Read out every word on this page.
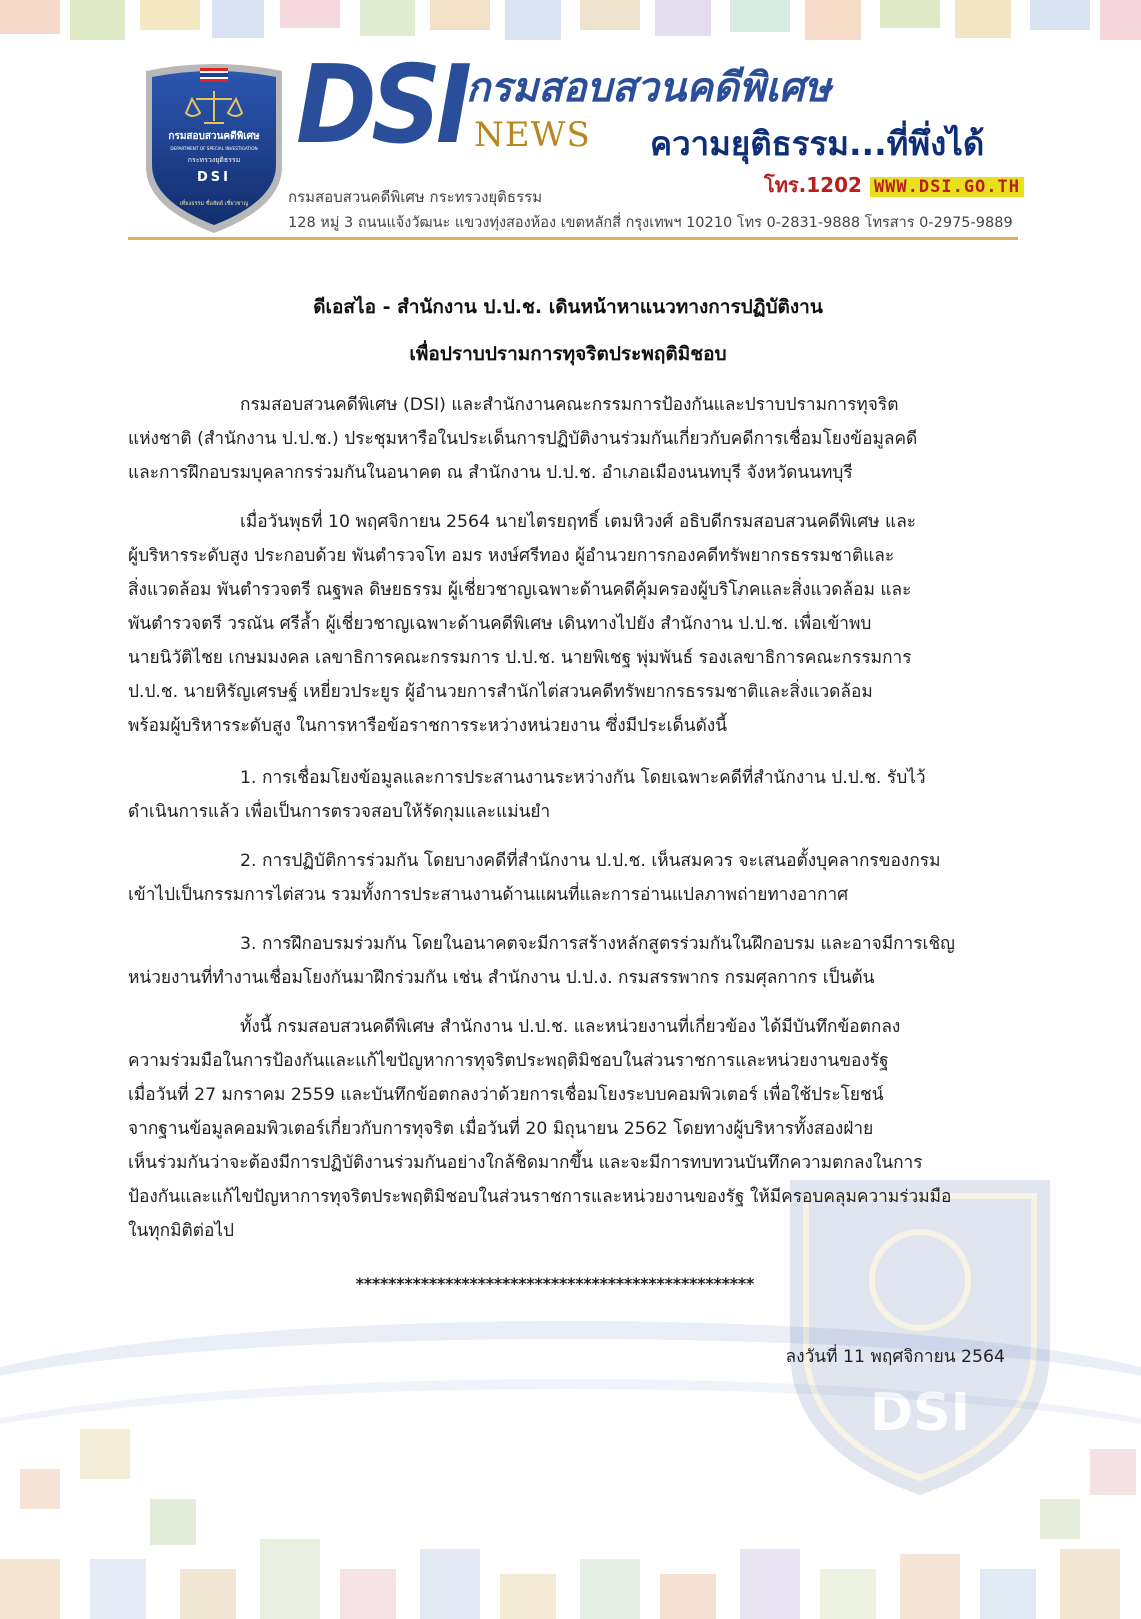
DSI
กรมสอบสวนคดีพิเศษ
DEPARTMENT OF SPECIAL INVESTIGATION
กระทรวงยุติธรรม
DSI
เที่ยงธรรม ซื่อสัตย์ เชี่ยวชาญ
DSI กรมสอบสวนคดีพิเศษ
NEWS ความยุติธรรม...ที่พึ่งได้
โทร.1202 WWW.DSI.GO.TH
กรมสอบสวนคดีพิเศษ กระทรวงยุติธรรม
128 หมู่ 3 ถนนแจ้งวัฒนะ แขวงทุ่งสองห้อง เขตหลักสี่ กรุงเทพฯ 10210 โทร 0-2831-9888 โทรสาร 0-2975-9889
ดีเอสไอ - สำนักงาน ป.ป.ช. เดินหน้าหาแนวทางการปฏิบัติงาน
เพื่อปราบปรามการทุจริตประพฤติมิชอบ
กรมสอบสวนคดีพิเศษ (DSI) และสำนักงานคณะกรรมการป้องกันและปราบปรามการทุจริต
แห่งชาติ (สำนักงาน ป.ป.ช.) ประชุมหารือในประเด็นการปฏิบัติงานร่วมกันเกี่ยวกับคดีการเชื่อมโยงข้อมูลคดี
และการฝึกอบรมบุคลากรร่วมกันในอนาคต ณ สำนักงาน ป.ป.ช. อำเภอเมืองนนทบุรี จังหวัดนนทบุรี
เมื่อวันพุธที่ 10 พฤศจิกายน 2564 นายไตรยฤทธิ์ เตมหิวงศ์ อธิบดีกรมสอบสวนคดีพิเศษ และ
ผู้บริหารระดับสูง ประกอบด้วย พันตำรวจโท อมร หงษ์ศรีทอง ผู้อำนวยการกองคดีทรัพยากรธรรมชาติและ
สิ่งแวดล้อม พันตำรวจตรี ณฐพล ดิษยธรรม ผู้เชี่ยวชาญเฉพาะด้านคดีคุ้มครองผู้บริโภคและสิ่งแวดล้อม และ
พันตำรวจตรี วรณัน ศรีล้ำ ผู้เชี่ยวชาญเฉพาะด้านคดีพิเศษ เดินทางไปยัง สำนักงาน ป.ป.ช. เพื่อเข้าพบ
นายนิวัติไชย เกษมมงคล เลขาธิการคณะกรรมการ ป.ป.ช. นายพิเชฐ พุ่มพันธ์ รองเลขาธิการคณะกรรมการ
ป.ป.ช. นายหิรัญเศรษฐ์ เหยี่ยวประยูร ผู้อำนวยการสำนักไต่สวนคดีทรัพยากรธรรมชาติและสิ่งแวดล้อม
พร้อมผู้บริหารระดับสูง ในการหารือข้อราชการระหว่างหน่วยงาน ซึ่งมีประเด็นดังนี้
1. การเชื่อมโยงข้อมูลและการประสานงานระหว่างกัน โดยเฉพาะคดีที่สำนักงาน ป.ป.ช. รับไว้
ดำเนินการแล้ว เพื่อเป็นการตรวจสอบให้รัดกุมและแม่นยำ
2. การปฏิบัติการร่วมกัน โดยบางคดีที่สำนักงาน ป.ป.ช. เห็นสมควร จะเสนอตั้งบุคลากรของกรม
เข้าไปเป็นกรรมการไต่สวน รวมทั้งการประสานงานด้านแผนที่และการอ่านแปลภาพถ่ายทางอากาศ
3. การฝึกอบรมร่วมกัน โดยในอนาคตจะมีการสร้างหลักสูตรร่วมกันในฝึกอบรม และอาจมีการเชิญ
หน่วยงานที่ทำงานเชื่อมโยงกันมาฝึกร่วมกัน เช่น สำนักงาน ป.ป.ง. กรมสรรพากร กรมศุลกากร เป็นต้น
ทั้งนี้ กรมสอบสวนคดีพิเศษ สำนักงาน ป.ป.ช. และหน่วยงานที่เกี่ยวข้อง ได้มีบันทึกข้อตกลง
ความร่วมมือในการป้องกันและแก้ไขปัญหาการทุจริตประพฤติมิชอบในส่วนราชการและหน่วยงานของรัฐ
เมื่อวันที่ 27 มกราคม 2559 และบันทึกข้อตกลงว่าด้วยการเชื่อมโยงระบบคอมพิวเตอร์ เพื่อใช้ประโยชน์
จากฐานข้อมูลคอมพิวเตอร์เกี่ยวกับการทุจริต เมื่อวันที่ 20 มิถุนายน 2562 โดยทางผู้บริหารทั้งสองฝ่าย
เห็นร่วมกันว่าจะต้องมีการปฏิบัติงานร่วมกันอย่างใกล้ชิดมากขึ้น และจะมีการทบทวนบันทึกความตกลงในการ
ป้องกันและแก้ไขปัญหาการทุจริตประพฤติมิชอบในส่วนราชการและหน่วยงานของรัฐ ให้มีครอบคลุมความร่วมมือ
ในทุกมิติต่อไป
*************************************************
ลงวันที่ 11 พฤศจิกายน 2564
